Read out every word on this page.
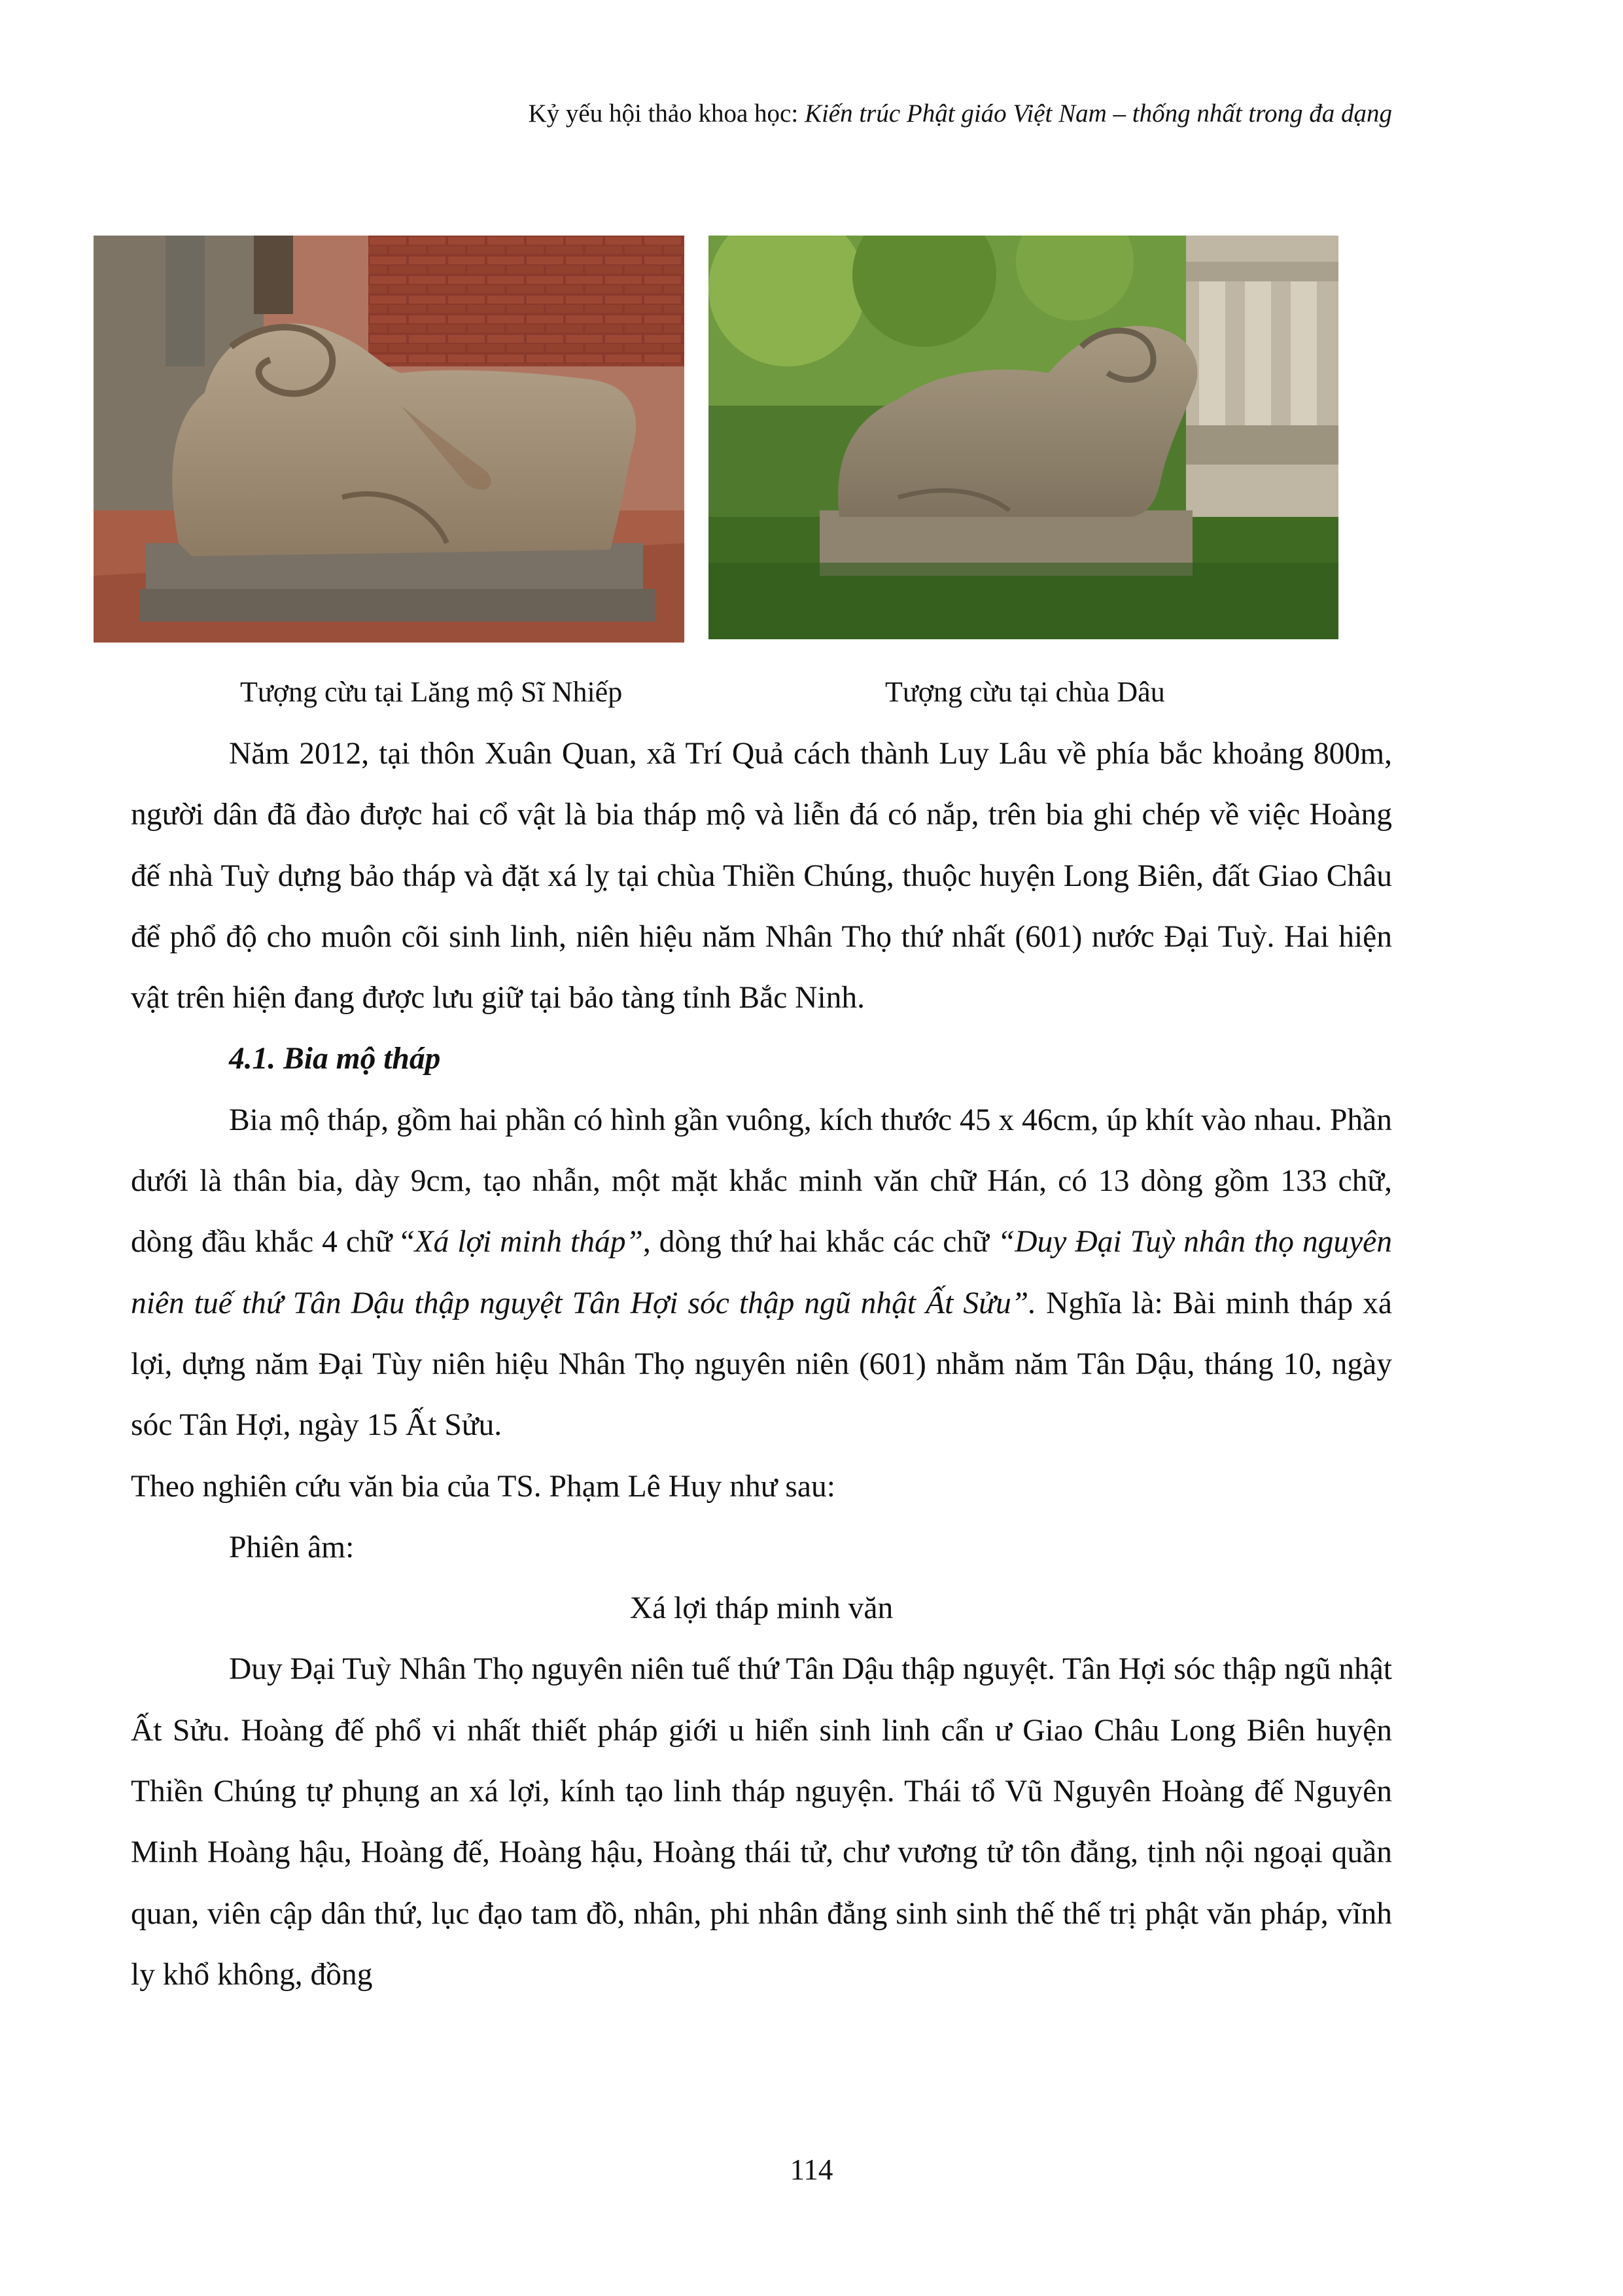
Kỷ yếu hội thảo khoa học: Kiến trúc Phật giáo Việt Nam – thống nhất trong đa dạng
Tượng cừu tại Lăng mộ Sĩ Nhiếp	Tượng cừu tại chùa Dâu

Năm 2012, tại thôn Xuân Quan, xã Trí Quả cách thành Luy Lâu về phía bắc khoảng 800m, người dân đã đào được hai cổ vật là bia tháp mộ và liễn đá có nắp, trên bia ghi chép về việc Hoàng đế nhà Tuỳ dựng bảo tháp và đặt xá lỵ tại chùa Thiền Chúng, thuộc huyện Long Biên, đất Giao Châu để phổ độ cho muôn cõi sinh linh, niên hiệu năm Nhân Thọ thứ nhất (601) nước Đại Tuỳ. Hai hiện vật trên hiện đang được lưu giữ tại bảo tàng tỉnh Bắc Ninh.

4.1. Bia mộ tháp

Bia mộ tháp, gồm hai phần có hình gần vuông, kích thước 45 x 46cm, úp khít vào nhau. Phần dưới là thân bia, dày 9cm, tạo nhẫn, một mặt khắc minh văn chữ Hán, có 13 dòng gồm 133 chữ, dòng đầu khắc 4 chữ “Xá lợi minh tháp”, dòng thứ hai khắc các chữ “Duy Đại Tuỳ nhân thọ nguyên niên tuế thứ Tân Dậu thập nguyệt Tân Hợi sóc thập ngũ nhật Ất Sửu”. Nghĩa là: Bài minh tháp xá lợi, dựng năm Đại Tùy niên hiệu Nhân Thọ nguyên niên (601) nhằm năm Tân Dậu, tháng 10, ngày sóc Tân Hợi, ngày 15 Ất Sửu.

Theo nghiên cứu văn bia của TS. Phạm Lê Huy như sau:

Phiên âm:

Xá lợi tháp minh văn

Duy Đại Tuỳ Nhân Thọ nguyên niên tuế thứ Tân Dậu thập nguyệt. Tân Hợi sóc thập ngũ nhật Ất Sửu. Hoàng đế phổ vi nhất thiết pháp giới u hiển sinh linh cẩn ư Giao Châu Long Biên huyện Thiền Chúng tự phụng an xá lợi, kính tạo linh tháp nguyện. Thái tổ Vũ Nguyên Hoàng đế Nguyên Minh Hoàng hậu, Hoàng đế, Hoàng hậu, Hoàng thái tử, chư vương tử tôn đẳng, tịnh nội ngoại quần quan, viên cập dân thứ, lục đạo tam đồ, nhân, phi nhân đẳng sinh sinh thế thế trị phật văn pháp, vĩnh ly khổ không, đồng

114
